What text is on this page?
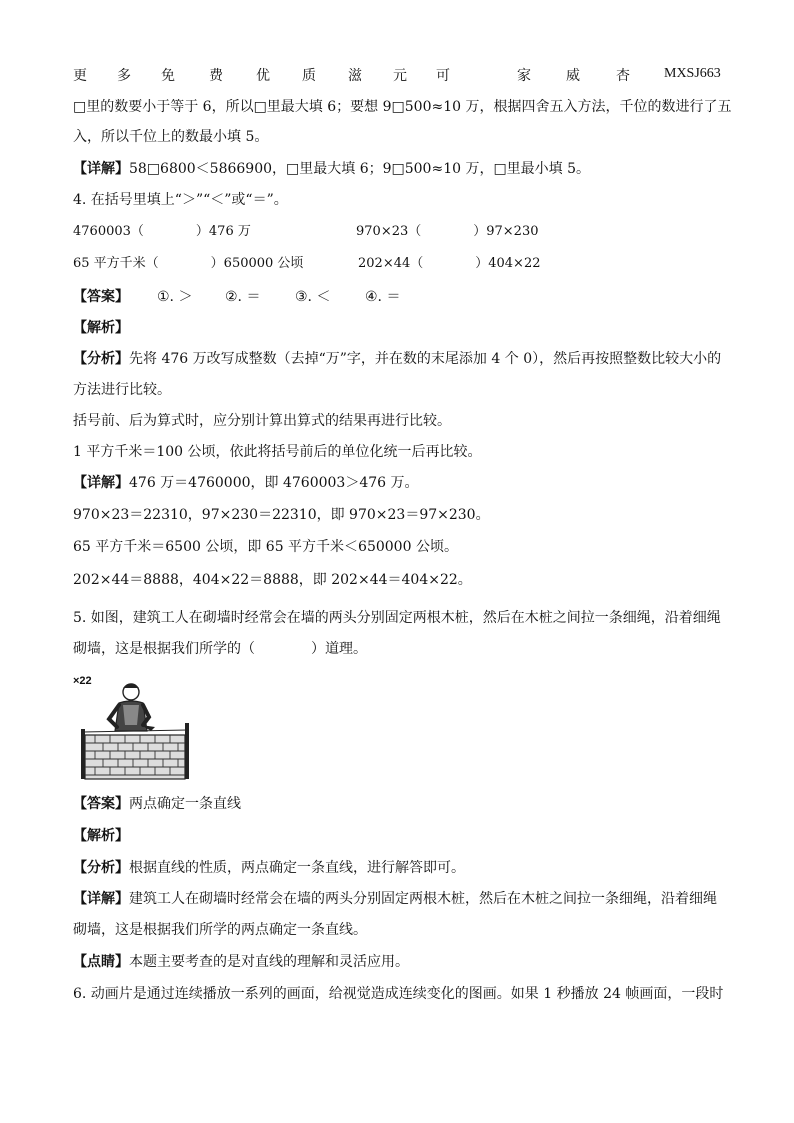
更 多 免 费 优 质 滋 元 可	家	威	杏 MXSJ663
□里的数要小于等于 6，所以□里最大填 6；要想 9□500≈10 万，根据四舍五入方法，千位的数进行了五
入，所以千位上的数最小填 5。
【详解】58□6800＜5866900，□里最大填 6；9□500≈10 万，□里最小填 5。
4. 在括号里填上“＞”“＜”或“＝”。
4760003（　　　　）476 万	970×23（　　　　）97×230
65 平方千米（　　　　）650000 公顷	202×44（　　　　）404×22
【答案】 ①. ＞ ②. ＝ ③. ＜ ④. ＝
【解析】
【分析】先将 476 万改写成整数（去掉“万”字，并在数的末尾添加 4 个 0），然后再按照整数比较大小的
方法进行比较。
括号前、后为算式时，应分别计算出算式的结果再进行比较。
1 平方千米＝100 公顷，依此将括号前后的单位化统一后再比较。
【详解】476 万＝4760000，即 4760003＞476 万。
970×23＝22310，97×230＝22310，即 970×23＝97×230。
65 平方千米＝6500 公顷，即 65 平方千米＜650000 公顷。
202×44＝8888，404×22＝8888，即 202×44＝404×22。
5. 如图，建筑工人在砌墙时经常会在墙的两头分别固定两根木桩，然后在木桩之间拉一条细绳，沿着细绳
砌墙，这是根据我们所学的（　　　　）道理。
×22
【答案】两点确定一条直线
【解析】
【分析】根据直线的性质，两点确定一条直线，进行解答即可。
【详解】建筑工人在砌墙时经常会在墙的两头分别固定两根木桩，然后在木桩之间拉一条细绳，沿着细绳
砌墙，这是根据我们所学的两点确定一条直线。
【点睛】本题主要考查的是对直线的理解和灵活应用。
6. 动画片是通过连续播放一系列的画面，给视觉造成连续变化的图画。如果 1 秒播放 24 帧画面，一段时
